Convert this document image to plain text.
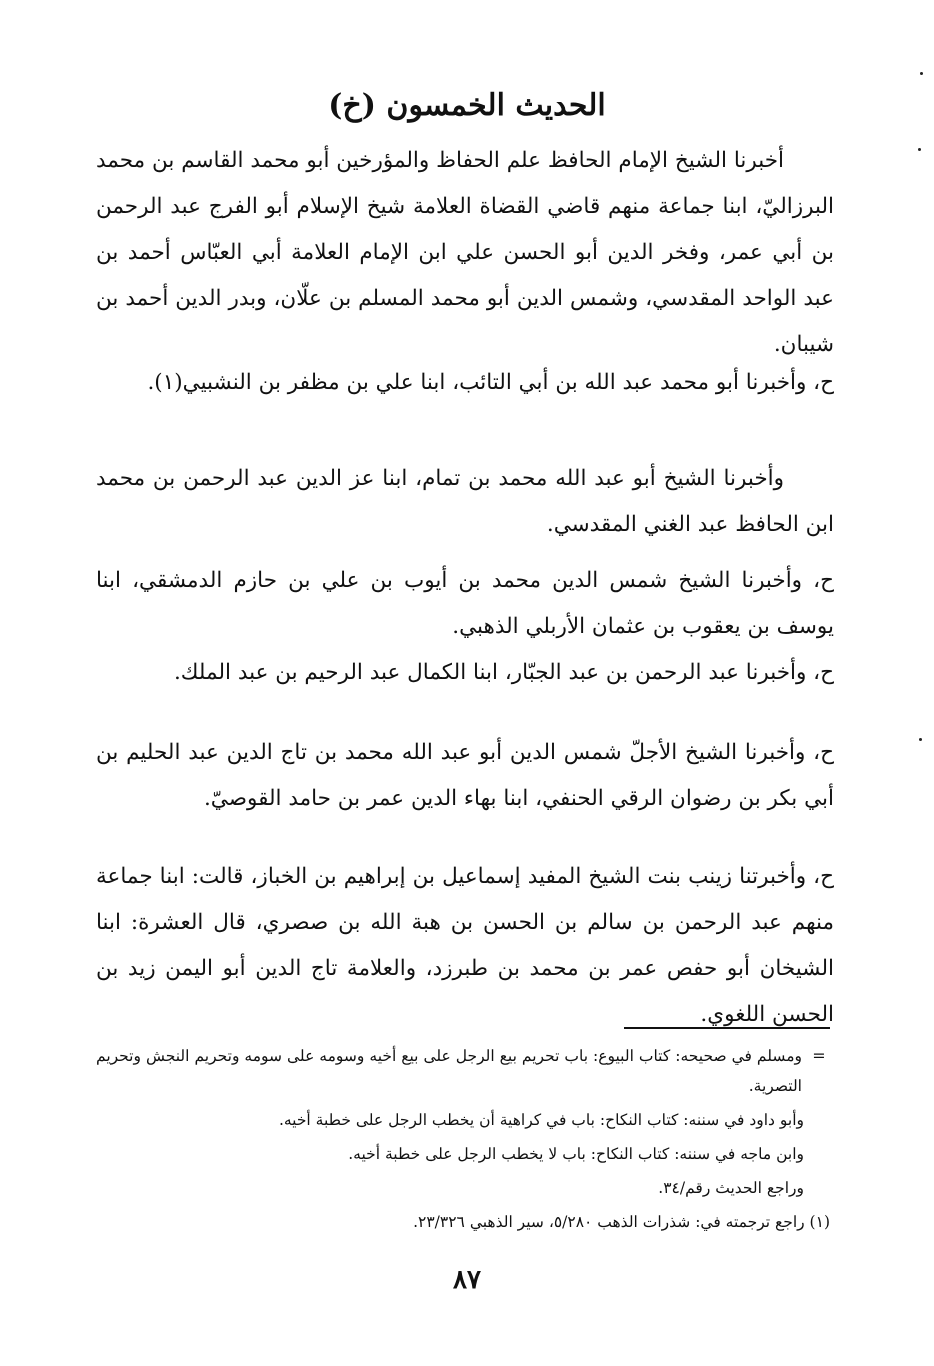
الحديث الخمسون (خ)
أخبرنا الشيخ الإمام الحافظ علم الحفاظ والمؤرخين أبو محمد القاسم بن محمد البرزاليّ، ابنا جماعة منهم قاضي القضاة العلامة شيخ الإسلام أبو الفرج عبد الرحمن بن أبي عمر، وفخر الدين أبو الحسن علي ابن الإمام العلامة أبي العبّاس أحمد بن عبد الواحد المقدسي، وشمس الدين أبو محمد المسلم بن علّان، وبدر الدين أحمد بن شيبان.
ح، وأخبرنا أبو محمد عبد الله بن أبي التائب، ابنا علي بن مظفر بن النشبيي(١).
وأخبرنا الشيخ أبو عبد الله محمد بن تمام، ابنا عز الدين عبد الرحمن بن محمد ابن الحافظ عبد الغني المقدسي.
ح، وأخبرنا الشيخ شمس الدين محمد بن أيوب بن علي بن حازم الدمشقي، ابنا يوسف بن يعقوب بن عثمان الأربلي الذهبي.
ح، وأخبرنا عبد الرحمن بن عبد الجبّار، ابنا الكمال عبد الرحيم بن عبد الملك.
ح، وأخبرنا الشيخ الأجلّ شمس الدين أبو عبد الله محمد بن تاج الدين عبد الحليم بن أبي بكر بن رضوان الرقي الحنفي، ابنا بهاء الدين عمر بن حامد القوصيّ.
ح، وأخبرتنا زينب بنت الشيخ المفيد إسماعيل بن إبراهيم بن الخباز، قالت: ابنا جماعة منهم عبد الرحمن بن سالم بن الحسن بن هبة الله بن صصري، قال العشرة: ابنا الشيخان أبو حفص عمر بن محمد بن طبرزد، والعلامة تاج الدين أبو اليمن زيد بن الحسن اللغوي.
=
ومسلم في صحيحه: كتاب البيوع: باب تحريم بيع الرجل على بيع أخيه وسومه على سومه وتحريم النجش وتحريم التصرية.
وأبو داود في سننه: كتاب النكاح: باب في كراهية أن يخطب الرجل على خطبة أخيه.
وابن ماجه في سننه: كتاب النكاح: باب لا يخطب الرجل على خطبة أخيه.
وراجع الحديث رقم/٣٤.
(١) راجع ترجمته في: شذرات الذهب ٥/٢٨٠، سير الذهبي ٢٣/٣٢٦.
٨٧
